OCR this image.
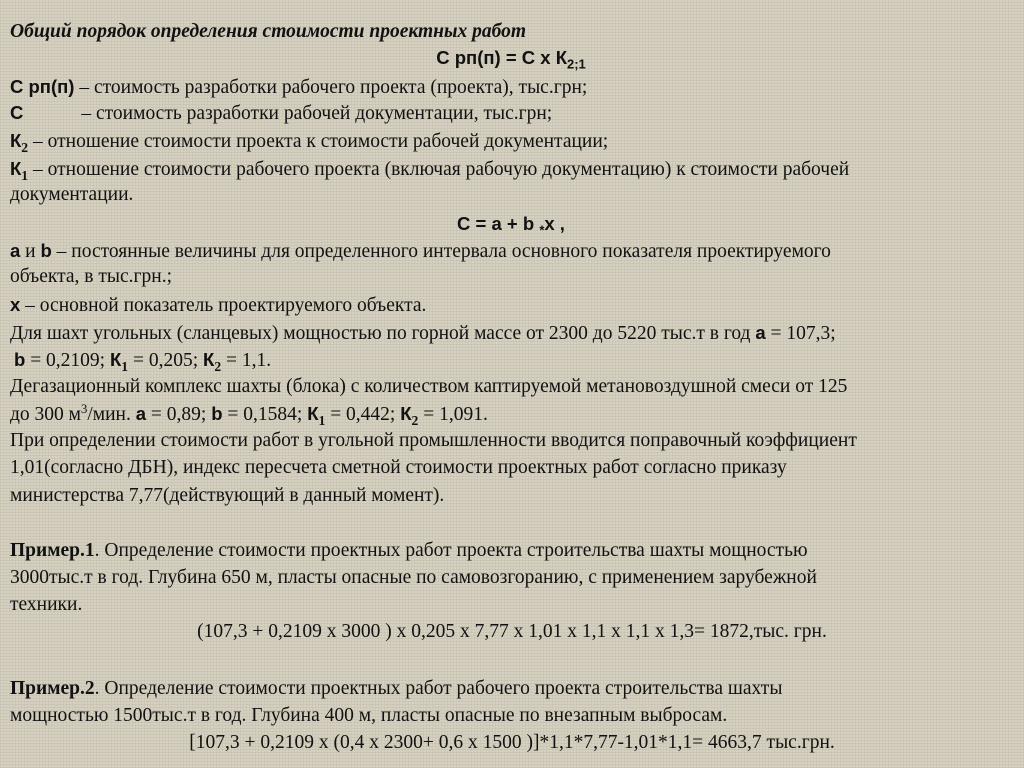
Общий порядок определения стоимости проектных работ
С рп(п) = С х $К_{2;1}$
С рп(п) – стоимость разработки рабочего проекта (проекта), тыс.грн;
С	– стоимость разработки рабочей документации, тыс.грн;
$К_2$ – отношение стоимости проекта к стоимости рабочей документации;
$К_1$ – отношение стоимости рабочего проекта (включая рабочую документацию) к стоимости рабочей
документации.
С = а + b $_*$х ,
а и b – постоянные величины для определенного интервала основного показателя проектируемого
объекта, в тыс.грн.;
х – основной показатель проектируемого объекта.
Для шахт угольных (сланцевых) мощностью по горной массе от 2300 до 5220 тыс.т в год а = 107,3;
b = 0,2109; $К_1 = 0,205$; $К_2 = 1,1$.
Дегазационный комплекс шахты (блока) с количеством каптируемой метановоздушной смеси от 125
до 300 $м^3$/мин. а = 0,89; b = 0,1584; $К_1 = 0,442$; $К_2 = 1,091$.
При определении стоимости работ в угольной промышленности вводится поправочный коэффициент
1,01(согласно ДБН), индекс пересчета сметной стоимости проектных работ согласно приказу
министерства 7,77(действующий в данный момент).
Пример.1. Определение стоимости проектных работ проекта строительства шахты мощностью
3000тыс.т в год. Глубина 650 м, пласты опасные по самовозгоранию, с применением зарубежной
техники.
(107,3 + 0,2109 х 3000 ) х 0,205 х 7,77 х 1,01 х 1,1 х 1,1 х 1,3= 1872,тыс. грн.
Пример.2. Определение стоимости проектных работ рабочего проекта строительства шахты
мощностью 1500тыс.т в год. Глубина 400 м, пласты опасные по внезапным выбросам.
[107,3 + 0,2109 х (0,4 х 2300+ 0,6 х 1500 )]*1,1*7,77-1,01*1,1= 4663,7 тыс.грн.
